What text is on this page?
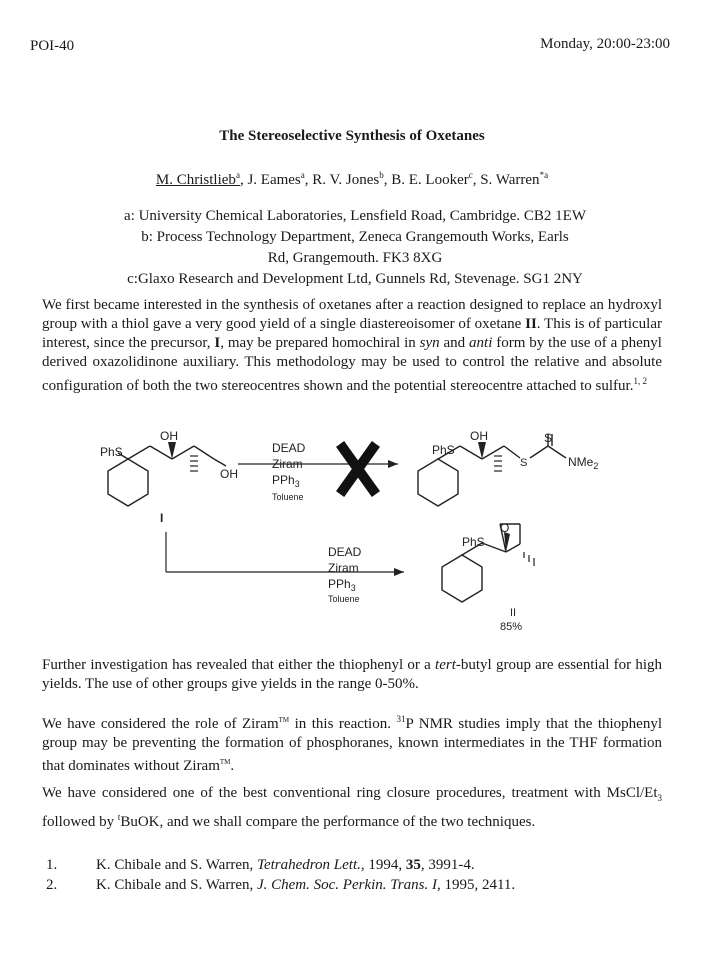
POI-40	Monday, 20:00-23:00
The Stereoselective Synthesis of Oxetanes
M. Christlieb$^a$, J. Eames$^a$, R. V. Jones$^b$, B. E. Looker$^c$, S. Warren$^{*a}$
a: University Chemical Laboratories, Lensfield Road, Cambridge. CB2 1EW
b: Process Technology Department, Zeneca Grangemouth Works, Earls Rd, Grangemouth. FK3 8XG
c:Glaxo Research and Development Ltd, Gunnels Rd, Stevenage. SG1 2NY
We first became interested in the synthesis of oxetanes after a reaction designed to replace an hydroxyl group with a thiol gave a very good yield of a single diastereoisomer of oxetane II. This is of particular interest, since the precursor, I, may be prepared homochiral in syn and anti form by the use of a phenyl derived oxazolidinone auxiliary. This methodology may be used to control the relative and absolute configuration of both the two stereocentres shown and the potential stereocentre attached to sulfur.$^{1, 2}$
PhS
OH
OH
I
DEAD
Ziram
PPh$_3$
Toluene
PhS
OH
S
S
NMe$_2$
DEAD
Ziram
PPh$_3$
Toluene
PhS
O
II
85%
Further investigation has revealed that either the thiophenyl or a tert-butyl group are essential for high yields. The use of other groups give yields in the range 0-50%.
We have considered the role of Ziram™ in this reaction. $^{31}$P NMR studies imply that the thiophenyl group may be preventing the formation of phosphoranes, known intermediates in the THF formation that dominates without Ziram™.
We have considered one of the best conventional ring closure procedures, treatment with MsCl/$Et_3$ followed by $^t$BuOK, and we shall compare the performance of the two techniques.
1.	K. Chibale and S. Warren, Tetrahedron Lett., 1994, 35, 3991-4.
2.	K. Chibale and S. Warren, J. Chem. Soc. Perkin. Trans. I, 1995, 2411.
